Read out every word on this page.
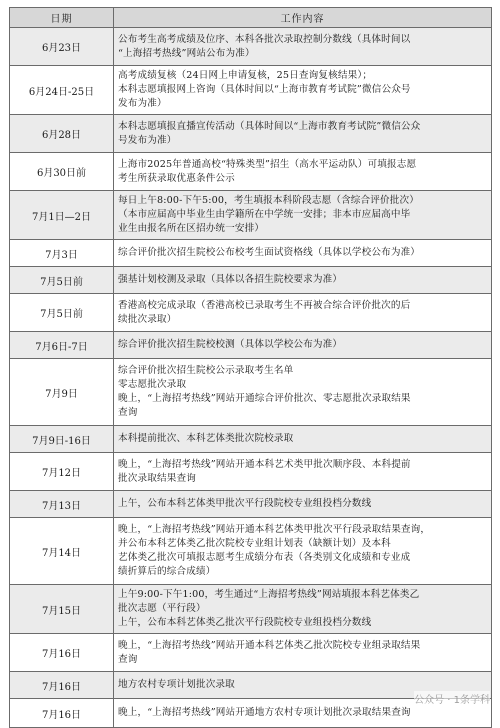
日期	工作内容
6月23日	公布考生高考成绩及位序、本科各批次录取控制分数线（具体时间以
“上海招考热线”网站公布为准）

6月24日-25日	高考成绩复核（24日网上申请复核，25日查询复核结果）；
本科志愿填报网上咨询（具体时间以“上海市教育考试院”微信公众号
发布为准）

6月28日	本科志愿填报直播宣传活动（具体时间以“上海市教育考试院”微信公众
号发布为准）

6月30日前	上海市2025年普通高校“特殊类型”招生（高水平运动队）可填报志愿
考生所获录取优惠条件公示

7月1日—2日	每日上午8:00-下午5:00，考生填报本科阶段志愿（含综合评价批次）
（本市应届高中毕业生由学籍所在中学统一安排；非本市应届高中毕
业生由报名所在区招办统一安排）

7月3日	综合评价批次招生院校公布校考生面试资格线（具体以学校公布为准）

7月5日前	强基计划校测及录取（具体以各招生院校要求为准）

7月5日前	香港高校完成录取（香港高校已录取考生不再被合综合评价批次的后
续批次录取）

7月6日-7日	综合评价批次招生院校校测（具体以学校公布为准）

7月9日	综合评价批次招生院校公示录取考生名单
零志愿批次录取
晚上，“上海招考热线”网站开通综合评价批次、零志愿批次录取结果
查询

7月9日-16日	本科提前批次、本科艺体类批次院校录取

7月12日	晚上，“上海招考热线”网站开通本科艺术类甲批次顺序段、本科提前
批次录取结果查询

7月13日	上午，公布本科艺体类甲批次平行段院校专业组投档分数线

7月14日	晚上，“上海招考热线”网站开通本科艺体类甲批次平行段录取结果查询，
并公布本科艺体类乙批次院校专业组计划表（缺额计划）及本科
艺体类乙批次可填报志愿考生成绩分布表（各类别文化成绩和专业成
绩折算后的综合成绩）

7月15日	上午9:00-下午1:00，考生通过“上海招考热线”网站填报本科艺体类乙
批次志愿（平行段）
上午，公布本科艺体类乙批次平行段院校专业组投档分数线

7月16日	晚上，“上海招考热线”网站开通本科艺体类乙批次院校专业组录取结果
查询

7月16日	地方农村专项计划批次录取

7月16日	晚上，“上海招考热线”网站开通地方农村专项计划批次录取结果查询
公众号 · 1条学科
